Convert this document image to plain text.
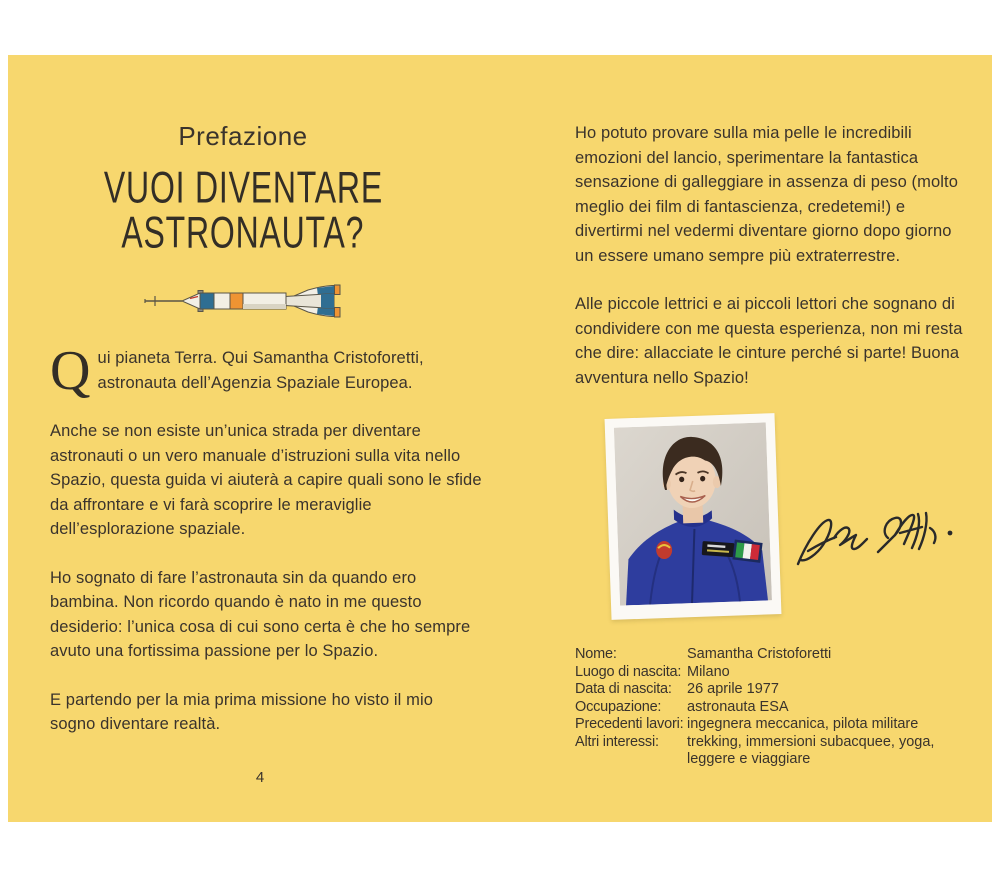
Prefazione
VUOI DIVENTARE
ASTRONAUTA?

Qui pianeta Terra. Qui Samantha Cristoforetti, astronauta dell’Agenzia Spaziale Europea.

Anche se non esiste un’unica strada per diventare astronauti o un vero manuale d’istruzioni sulla vita nello Spazio, questa guida vi aiuterà a capire quali sono le sfide da affrontare e vi farà scoprire le meraviglie dell’esplorazione spaziale.

Ho sognato di fare l’astronauta sin da quando ero bambina. Non ricordo quando è nato in me questo desiderio: l’unica cosa di cui sono certa è che ho sempre avuto una fortissima passione per lo Spazio.

E partendo per la mia prima missione ho visto il mio sogno diventare realtà.

4

Ho potuto provare sulla mia pelle le incredibili emozioni del lancio, sperimentare la fantastica sensazione di galleggiare in assenza di peso (molto meglio dei film di fantascienza, credetemi!) e divertirmi nel vedermi diventare giorno dopo giorno un essere umano sempre più extraterrestre.

Alle piccole lettrici e ai piccoli lettori che sognano di condividere con me questa esperienza, non mi resta che dire: allacciate le cinture perché si parte! Buona avventura nello Spazio!

Nome:	Samantha Cristoforetti
Luogo di nascita: Milano
Data di nascita:	26 aprile 1977
Occupazione:	astronauta ESA
Precedenti lavori: ingegnera meccanica, pilota militare
Altri interessi:	trekking, immersioni subacquee, yoga, leggere e viaggiare
